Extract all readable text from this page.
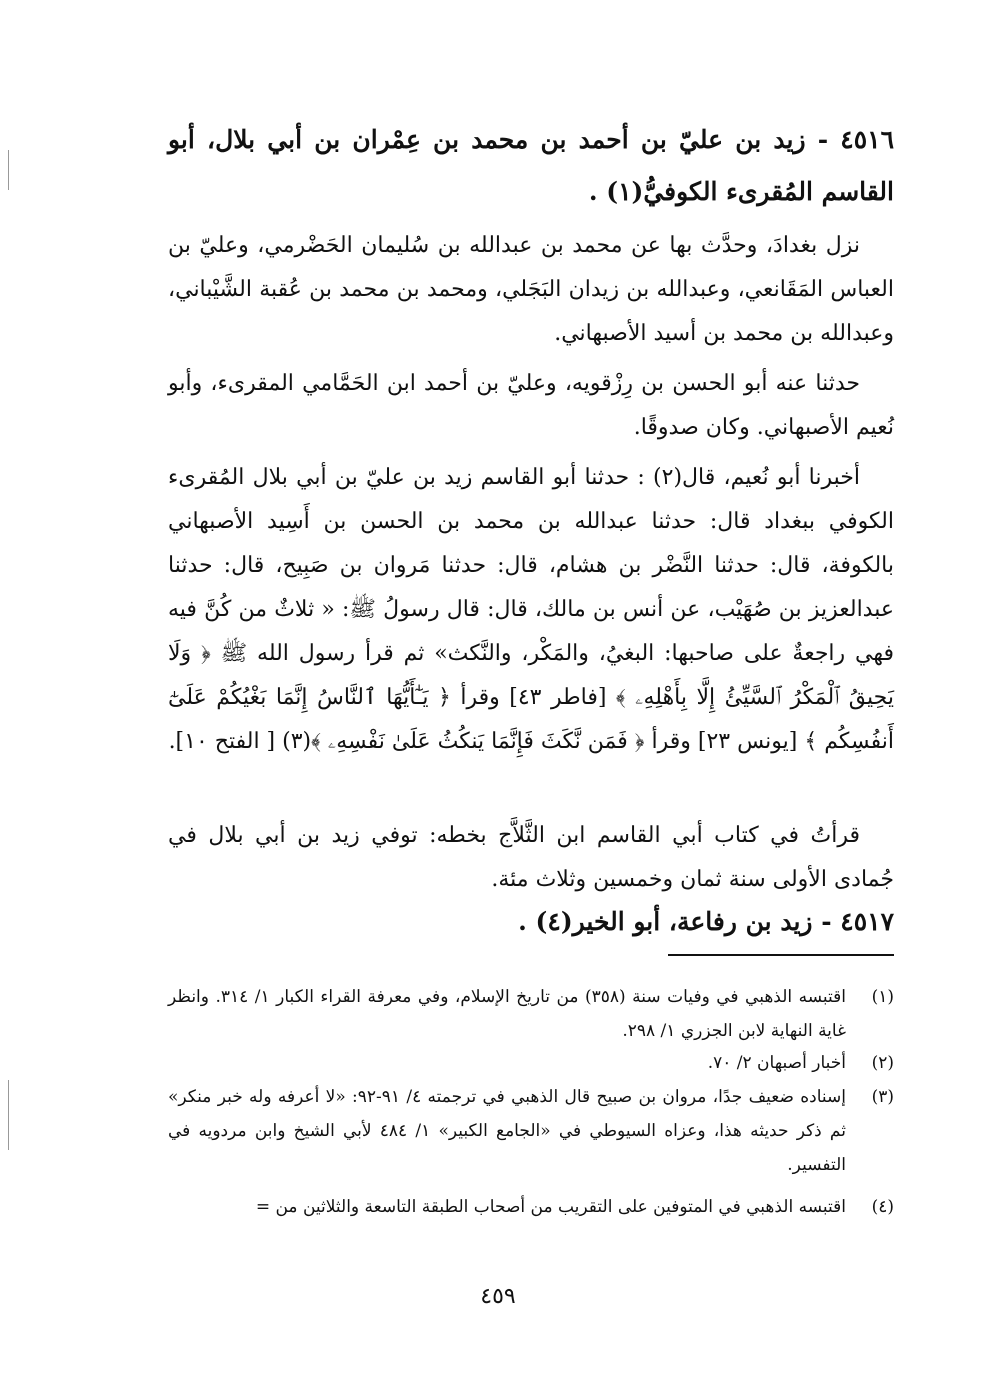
٤٥١٦ - زيد بن عليّ بن أحمد بن محمد بن عِمْران بن أبي بلال، أبو القاسم المُقرىء الكوفيُّ(١) .
نزل بغدادَ، وحدَّث بها عن محمد بن عبدالله بن سُليمان الحَضْرمي، وعليّ بن العباس المَقَانعي، وعبدالله بن زيدان البَجَلي، ومحمد بن محمد بن عُقبة الشَّيْباني، وعبدالله بن محمد بن أسيد الأصبهاني.
حدثنا عنه أبو الحسن بن رِزْقويه، وعليّ بن أحمد ابن الحَمَّامي المقرىء، وأبو نُعيم الأصبهاني. وكان صدوقًا.
أخبرنا أبو نُعيم، قال(٢) : حدثنا أبو القاسم زيد بن عليّ بن أبي بلال المُقرىء الكوفي ببغداد قال: حدثنا عبدالله بن محمد بن الحسن بن أَسِيد الأصبهاني بالكوفة، قال: حدثنا النَّضْر بن هشام، قال: حدثنا مَروان بن صَبِيح، قال: حدثنا عبدالعزيز بن صُهَيْب، عن أنس بن مالك، قال: قال رسولُ ﷺ: « ثلاثٌ من كُنَّ فيه فهي راجعةٌ على صاحبها: البغيُ، والمَكْر، والنَّكث» ثم قرأ رسول الله ﷺ ﴿ وَلَا يَحِيقُ ٱلْمَكْرُ ٱلسَّيِّئُ إِلَّا بِأَهْلِهِۦ ﴾ [فاطر ٤٣] وقرأ ﴿ يَـٰٓأَيُّهَا ٱلنَّاسُ إِنَّمَا بَغْيُكُمْ عَلَىٰٓ أَنفُسِكُم ﴾ [يونس ٢٣] وقرأ ﴿ فَمَن نَّكَثَ فَإِنَّمَا يَنكُثُ عَلَىٰ نَفْسِهِۦ ﴾(٣) [ الفتح ١٠].
قرأتُ في كتاب أبي القاسم ابن الثَّلاَّج بخطه: توفي زيد بن أبي بلال في جُمادى الأولى سنة ثمان وخمسين وثلاث مئة.
٤٥١٧ - زيد بن رفاعة، أبو الخير(٤) .
(١)
اقتبسه الذهبي في وفيات سنة (٣٥٨) من تاريخ الإسلام، وفي معرفة القراء الكبار ١/ ٣١٤. وانظر غاية النهاية لابن الجزري ١/ ٢٩٨.
(٢)
أخبار أصبهان ٢/ ٧٠.
(٣)
إسناده ضعيف جدًا، مروان بن صبيح قال الذهبي في ترجمته ٤/ ٩١-٩٢: «لا أعرفه وله خبر منكر» ثم ذكر حديثه هذا، وعزاه السيوطي في «الجامع الكبير» ١/ ٤٨٤ لأبي الشيخ وابن مردويه في التفسير.
(٤)
اقتبسه الذهبي في المتوفين على التقريب من أصحاب الطبقة التاسعة والثلاثين من =
٤٥٩
